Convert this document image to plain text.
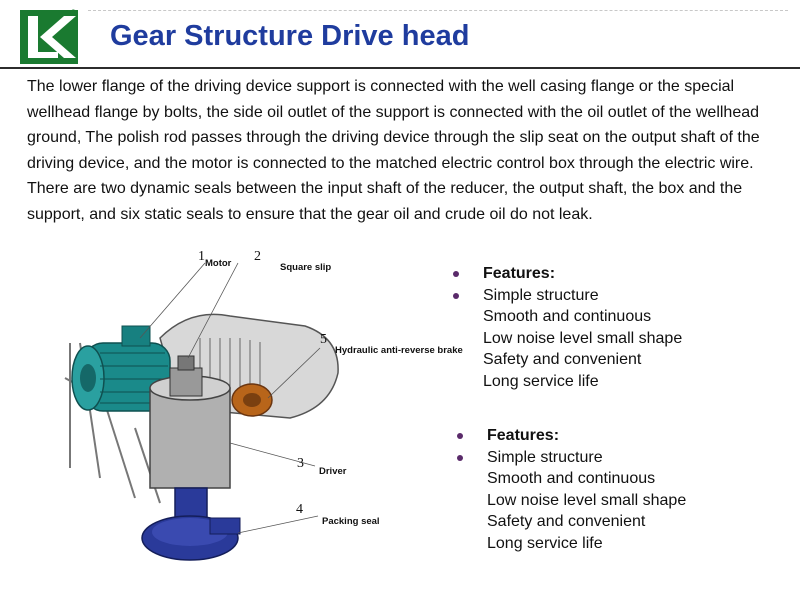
®
Gear Structure Drive head

The lower flange of the driving device support is connected with the well casing flange or the special wellhead flange by bolts, the side oil outlet of the support is connected with the oil outlet of the wellhead ground, The polish rod passes through the driving device through the slip seat on the output shaft of the driving device, and the motor is connected to the matched electric control box through the electric wire. There are two dynamic seals between the input shaft of the reducer, the output shaft, the box and the support, and six static seals to ensure that the gear oil and crude oil do not leak.

1 Motor 2
Square slip
5
Hydraulic anti-reverse brake
3
Driver
4
Packing seal
Features:
Simple structure
Smooth and continuous
Low noise level small shape
Safety and convenient
Long service life
Features:
Simple structure
Smooth and continuous
Low noise level small shape
Safety and convenient
Long service life
